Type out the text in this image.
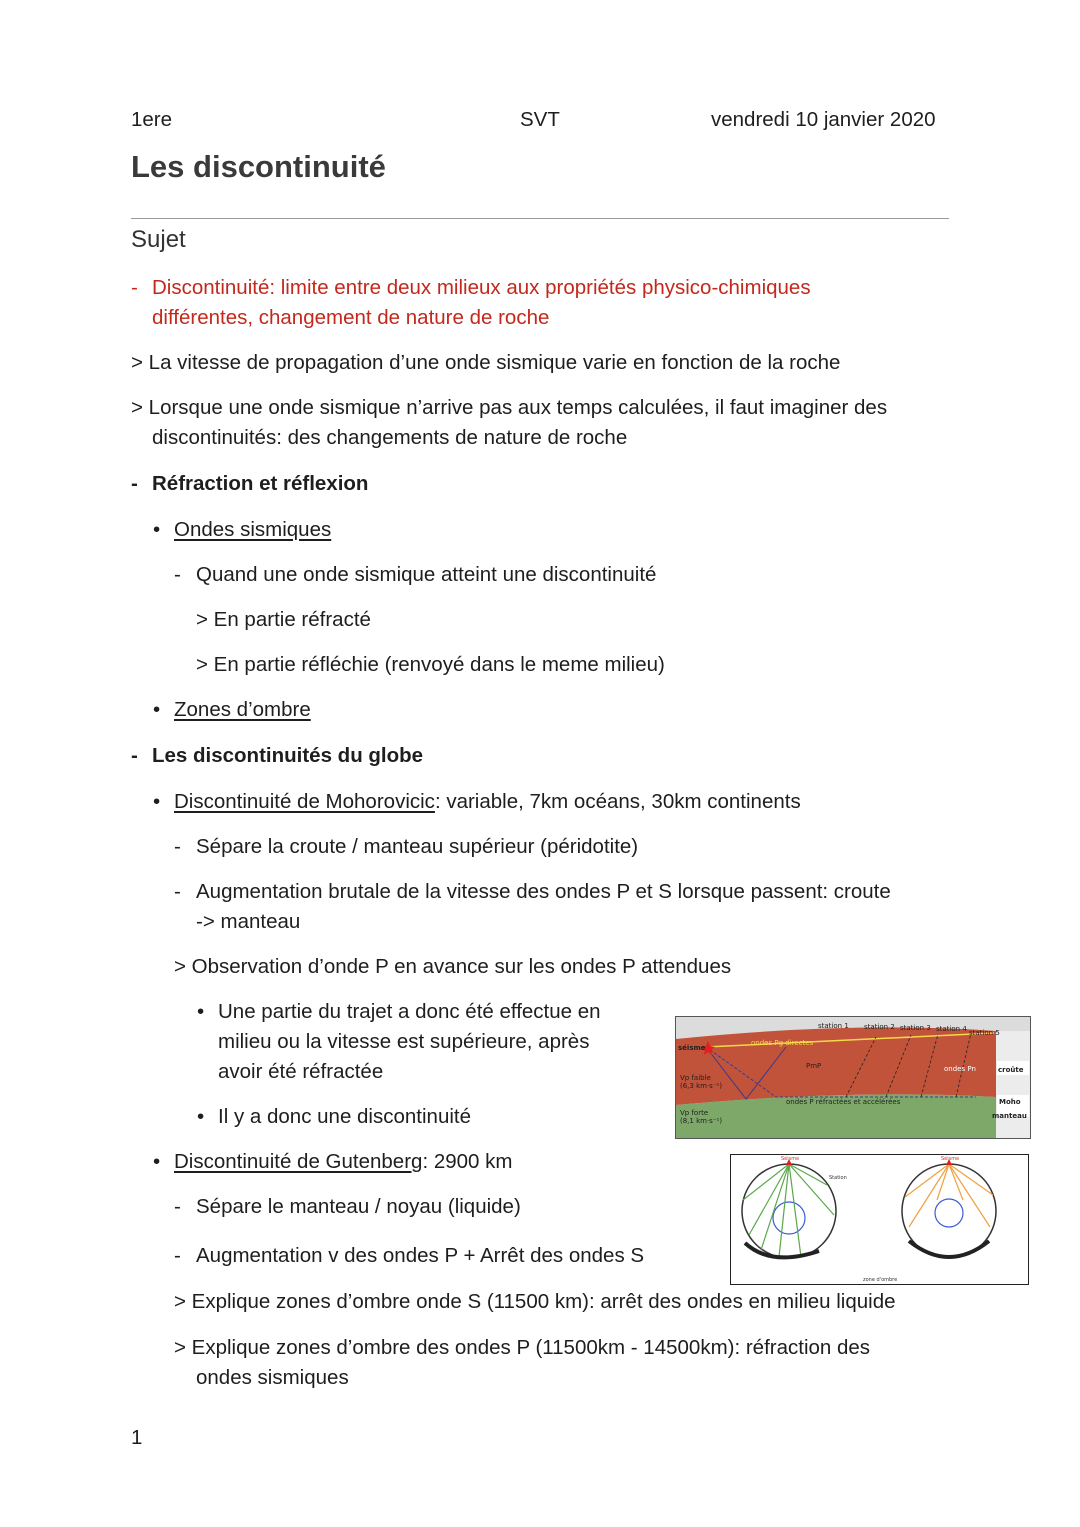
1ere	SVT	vendredi 10 janvier 2020
Les discontinuité
Sujet
- Discontinuité: limite entre deux milieux aux propriétés physico-chimiques
différentes, changement de nature de roche
> La vitesse de propagation d’une onde sismique varie en fonction de la roche
> Lorsque une onde sismique n’arrive pas aux temps calculées, il faut imaginer des
discontinuités: des changements de nature de roche
- Réfraction et réflexion
• Ondes sismiques
- Quand une onde sismique atteint une discontinuité
> En partie réfracté
> En partie réfléchie (renvoyé dans le meme milieu)
• Zones d’ombre
- Les discontinuités du globe
• Discontinuité de Mohorovicic: variable, 7km océans, 30km continents
- Sépare la croute / manteau supérieur (péridotite)
- Augmentation brutale de la vitesse des ondes P et S lorsque passent: croute
-> manteau
> Observation d’onde P en avance sur les ondes P attendues
• Une partie du trajet a donc été effectue en
milieu ou la vitesse est supérieure, après
avoir été réfractée
• Il y a donc une discontinuité
station 1 station 2 station 3 station 4 station 5
séisme
ondes Pg directes
PmP	ondes Pn	croûte
Vp faible
(6,3 km·s⁻¹)
ondes P réfractées et accélérées	Moho
Vp forte
(8,1 km·s⁻¹)
manteau
• Discontinuité de Gutenberg: 2900 km
- Sépare le manteau / noyau (liquide)
- Augmentation v des ondes P + Arrêt des ondes S
Séisme	Séisme
Station
zone d'ombre
> Explique zones d’ombre onde S (11500 km): arrêt des ondes en milieu liquide
> Explique zones d’ombre des ondes P (11500km - 14500km): réfraction des
ondes sismiques
1
